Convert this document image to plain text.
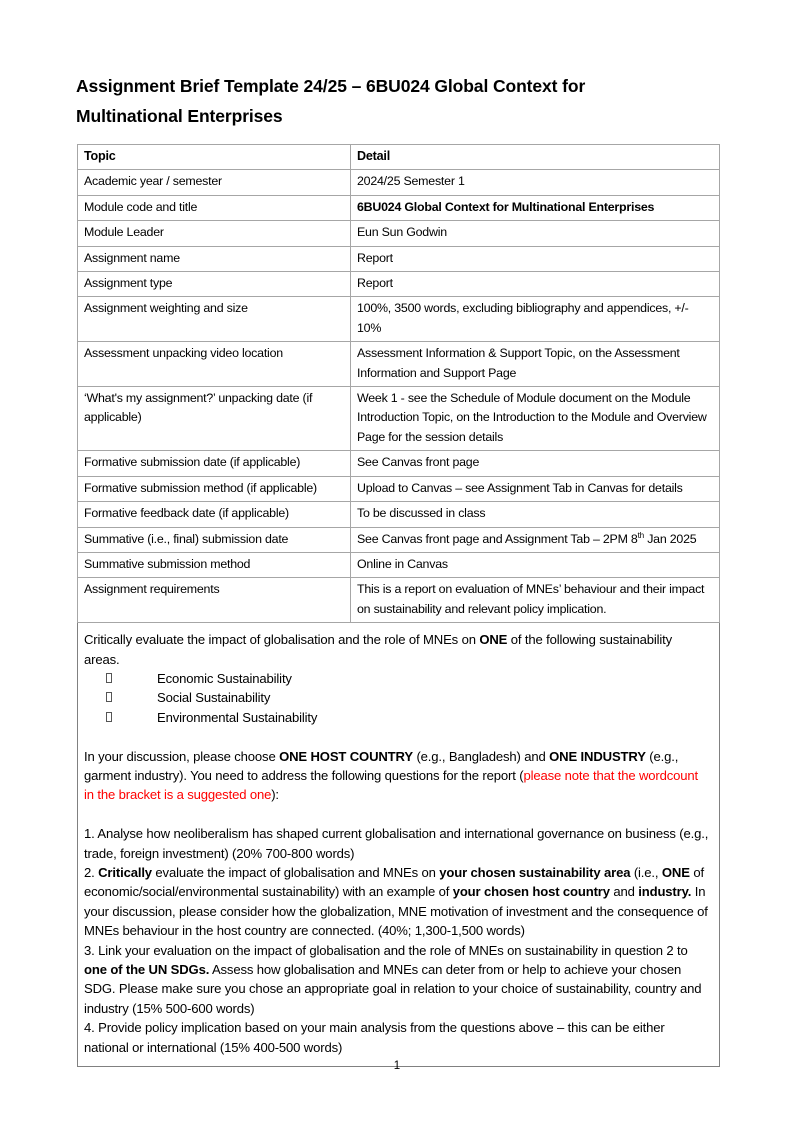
Assignment Brief Template 24/25 – 6BU024 Global Context for Multinational Enterprises
Topic	Detail
Academic year / semester	2024/25 Semester 1
Module code and title	6BU024 Global Context for Multinational Enterprises
Module Leader	Eun Sun Godwin
Assignment name	Report
Assignment type	Report
Assignment weighting and size	100%, 3500 words, excluding bibliography and appendices, +/- 10%
Assessment unpacking video location	Assessment Information & Support Topic, on the Assessment Information and Support Page
‘What's my assignment?’ unpacking date (if applicable)	Week 1 - see the Schedule of Module document on the Module Introduction Topic, on the Introduction to the Module and Overview Page for the session details
Formative submission date (if applicable)	See Canvas front page
Formative submission method (if applicable)	Upload to Canvas – see Assignment Tab in Canvas for details
Formative feedback date (if applicable)	To be discussed in class
Summative (i.e., final) submission date	See Canvas front page and Assignment Tab – 2PM 8th Jan 2025
Summative submission method	Online in Canvas
Assignment requirements	This is a report on evaluation of MNEs’ behaviour and their impact on sustainability and relevant policy implication.

Critically evaluate the impact of globalisation and the role of MNEs on ONE of the following sustainability areas.

Economic Sustainability
Social Sustainability
Environmental Sustainability

In your discussion, please choose ONE HOST COUNTRY (e.g., Bangladesh) and ONE INDUSTRY (e.g., garment industry). You need to address the following questions for the report (please note that the wordcount in the bracket is a suggested one):

1. Analyse how neoliberalism has shaped current globalisation and international governance on business (e.g., trade, foreign investment) (20% 700-800 words)

2. Critically evaluate the impact of globalisation and MNEs on your chosen sustainability area (i.e., ONE of economic/social/environmental sustainability) with an example of your chosen host country and industry. In your discussion, please consider how the globalization, MNE motivation of investment and the consequence of MNEs behaviour in the host country are connected. (40%; 1,300-1,500 words)

3. Link your evaluation on the impact of globalisation and the role of MNEs on sustainability in question 2 to one of the UN SDGs. Assess how globalisation and MNEs can deter from or help to achieve your chosen SDG. Please make sure you chose an appropriate goal in relation to your choice of sustainability, country and industry (15% 500-600 words)

4. Provide policy implication based on your main analysis from the questions above – this can be either national or international (15% 400-500 words)

1
